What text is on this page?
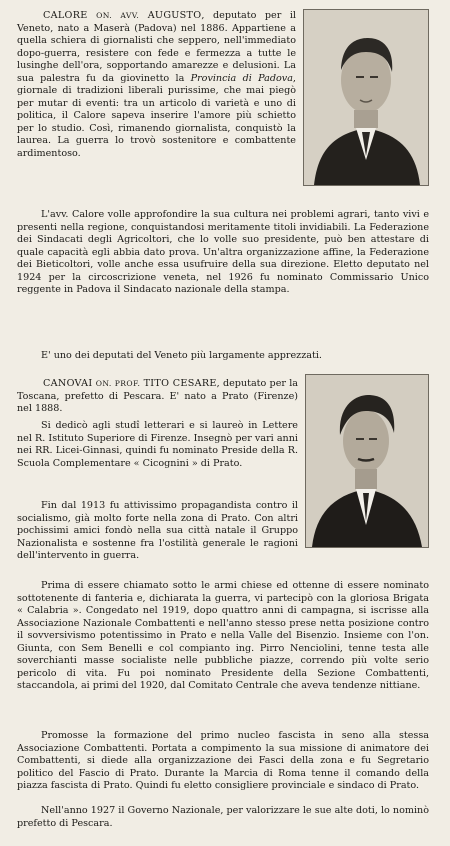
CALORE ON. AVV. AUGUSTO, deputato per il Veneto, nato a Maserà (Padova) nel 1886. Appartiene a quella schiera di giornalisti che seppero, nell'immediato dopo-guerra, resistere con fede e fermezza a tutte le lusinghe dell'ora, sopportando amarezze e delusioni. La sua palestra fu da giovinetto la Provincia di Padova, giornale di tradizioni liberali purissime, che mai piegò per mutar di eventi: tra un articolo di varietà e uno di politica, il Calore sapeva inserire l'amore più schietto per lo studio. Così, rimanendo giornalista, conquistò la laurea. La guerra lo trovò sostenitore e combattente ardimentoso.

L'avv. Calore volle approfondire la sua cultura nei problemi agrari, tanto vivi e presenti nella regione, conquistandosi meritamente titoli invidiabili. La Federazione dei Sindacati degli Agricoltori, che lo volle suo presidente, può ben attestare di quale capacità egli abbia dato prova. Un'altra organizzazione affine, la Federazione dei Bieticoltori, volle anche essa usufruire della sua direzione. Eletto deputato nel 1924 per la circoscrizione veneta, nel 1926 fu nominato Commissario Unico reggente in Padova il Sindacato nazionale della stampa.

E' uno dei deputati del Veneto più largamente apprezzati.

CANOVAI ON. PROF. TITO CESARE, deputato per la Toscana, prefetto di Pescara. E' nato a Prato (Firenze) nel 1888.

Si dedicò agli studî letterari e si laureò in Lettere nel R. Istituto Superiore di Firenze. Insegnò per vari anni nei RR. Licei-Ginnasi, quindi fu nominato Preside della R. Scuola Complementare « Cicognini » di Prato.

Fin dal 1913 fu attivissimo propagandista contro il socialismo, già molto forte nella zona di Prato. Con altri pochissimi amici fondò nella sua città natale il Gruppo Nazionalista e sostenne fra l'ostilità generale le ragioni dell'intervento in guerra.

Prima di essere chiamato sotto le armi chiese ed ottenne di essere nominato sottotenente di fanteria e, dichiarata la guerra, vi partecipò con la gloriosa Brigata « Calabria ». Congedato nel 1919, dopo quattro anni di campagna, si iscrisse alla Associazione Nazionale Combattenti e nell'anno stesso prese netta posizione contro il sovversivismo potentissimo in Prato e nella Valle del Bisenzio. Insieme con l'on. Giunta, con Sem Benelli e col compianto ing. Pirro Nenciolini, tenne testa alle soverchianti masse socialiste nelle pubbliche piazze, correndo più volte serio pericolo di vita. Fu poi nominato Presidente della Sezione Combattenti, staccandola, ai primi del 1920, dal Comitato Centrale che aveva tendenze nittiane.

Promosse la formazione del primo nucleo fascista in seno alla stessa Associazione Combattenti. Portata a compimento la sua missione di animatore dei Combattenti, si diede alla organizzazione dei Fasci della zona e fu Segretario politico del Fascio di Prato. Durante la Marcia di Roma tenne il comando della piazza fascista di Prato. Quindi fu eletto consigliere provinciale e sindaco di Prato.

Nell'anno 1927 il Governo Nazionale, per valorizzare le sue alte doti, lo nominò prefetto di Pescara.
